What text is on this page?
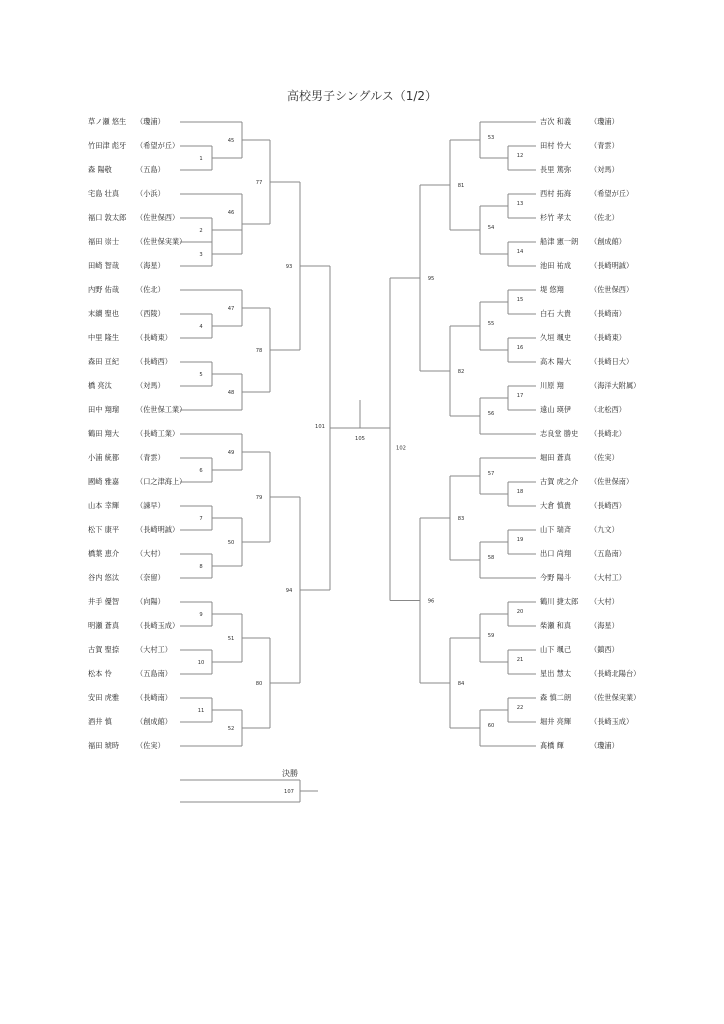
高校男子シングルス（1/2）
草ノ瀬 悠生 （瓊浦）
竹田津 彪牙 （希望が丘）
森 陽敬	（五島）
宅島 壮真 （小浜）
福口 敦太郎 （佐世保西）
福田 崇士 （佐世保実業）
田崎 智哉 （海星）
内野 佑哉 （佐北）
末續 聖也 （西陵）
中里 隆生 （長崎東）
森田 亘紀 （長崎西）
橋 亮汰	（対馬）
田中 翔瑠 （佐世保工業）
鶴田 翔大 （長崎工業）
小浦 統都 （青雲）
國崎 雅嘉 （口之津海上）
山本 幸輝 （諫早）
松下 康平 （長崎明誠）
橋葉 恵介 （大村）
谷内 悠汰 （奈留）
井手 優智 （向陽）
明瀬 蒼真 （長崎玉成）
古賀 聖捺 （大村工）
松本 怜	（五島南）
安田 虎雅 （長崎南）
酒井 慎	（創成館）
福田 琥時 （佐実）
吉次 和義	（瓊浦）
田村 怜大	（青雲）
長里 篤弥	（対馬）
西村 拓海	（希望が丘）
杉竹 孝太	（佐北）
船津 憲一朗 （創成館）
池田 祐成	（長崎明誠）
堤 悠翔	（佐世保西）
白石 大貴	（長崎南）
久垣 颯史	（長崎東）
高木 陽大	（長崎日大）
川原 翔	（海洋大附属）
遠山 瑛伊	（北松西）
志良堂 勝史 （長崎北）
堀田 蒼真	（佐実）
古賀 虎之介 （佐世保南）
大倉 慎貴	（長崎西）
山下 瑞斉	（九文）
出口 尚翔	（五島南）
今野 陽斗	（大村工）
鶴川 捷太郎 （大村）
柴瀬 和真	（海星）
山下 颯己	（鎮西）
星出 慧太	（長崎北陽台）
森 慎二朗	（佐世保実業）
堀井 亮輝	（長崎玉成）
髙橋 輝	（瓊浦）
1
2
3
4
5
6
7
8
9
10
11
45
46
47
48
49
50
51
52
77
78
79
80
93
94
101
12
13
14
15
16
17
18
19
20
21
22
53
54
55
56
57
58
59
60
81
82
83
84
95
96
102
105
107
決勝
